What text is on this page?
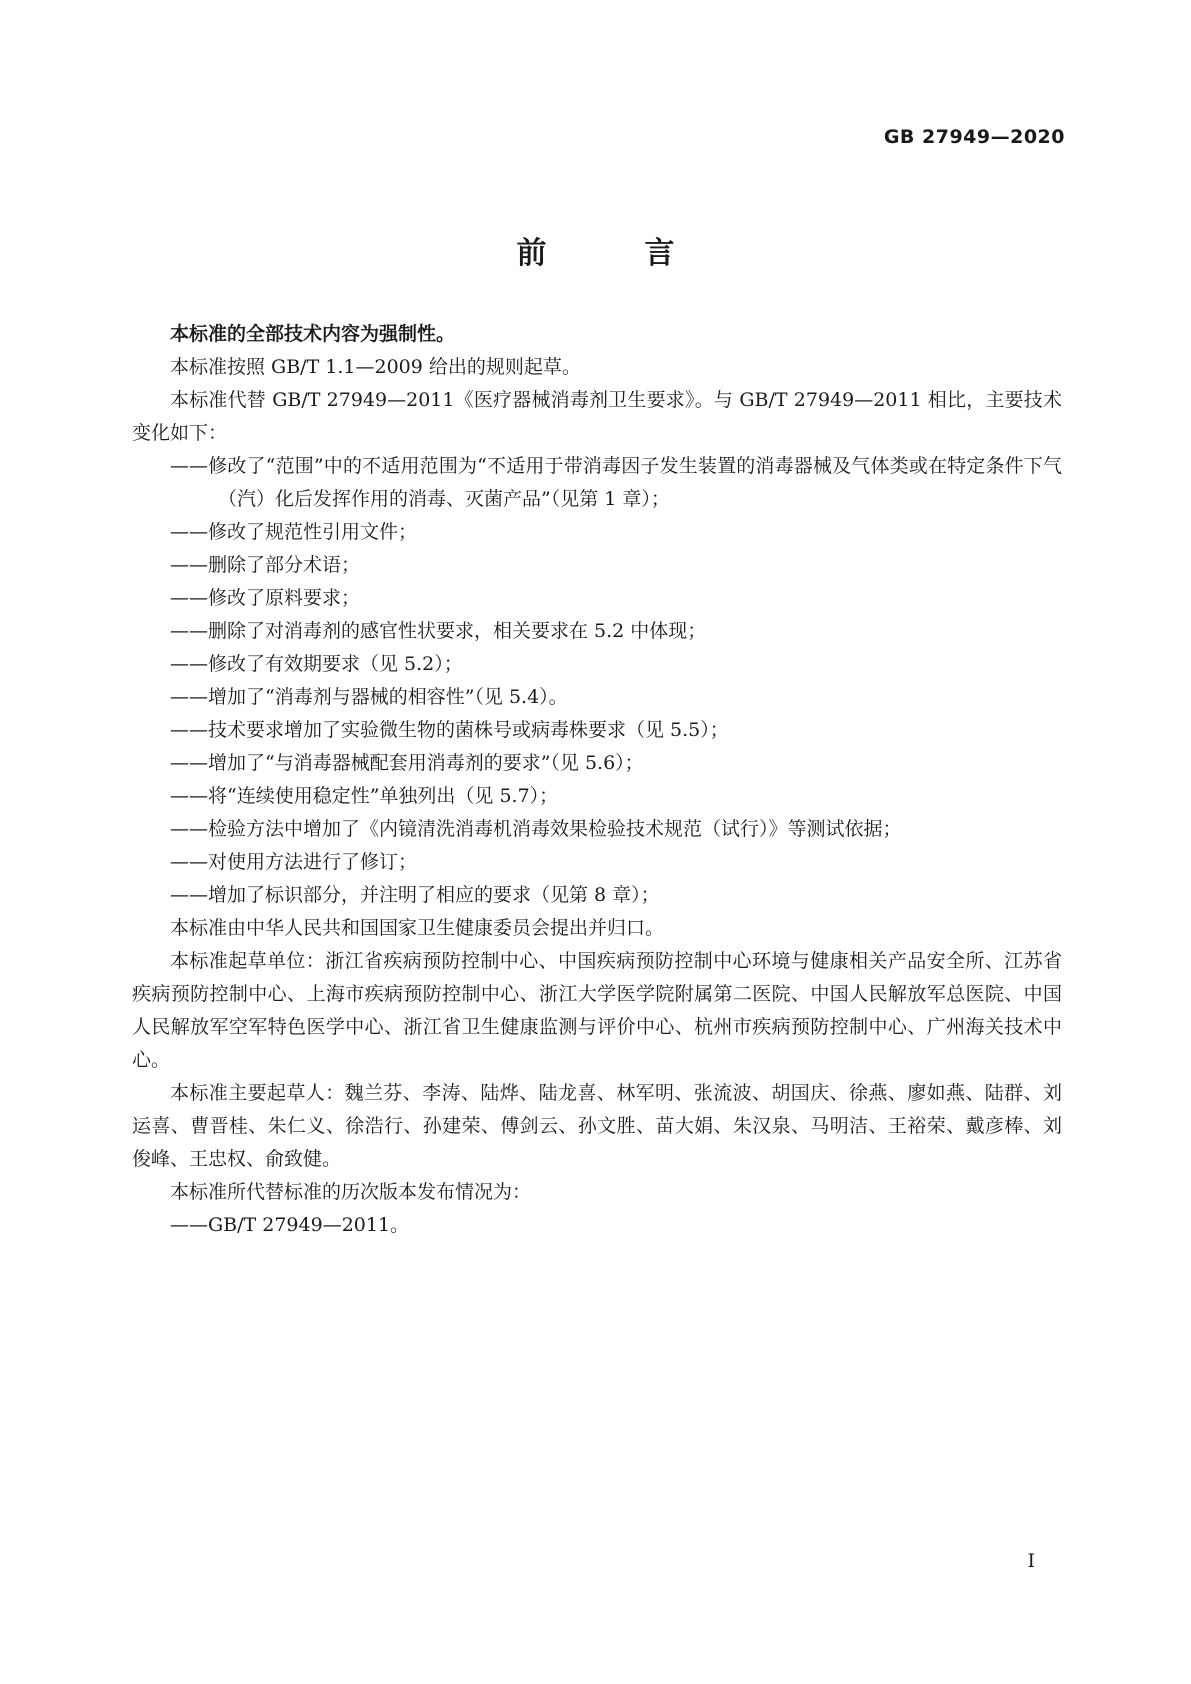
GB 27949—2020

前　言

本标准的全部技术内容为强制性。

本标准按照 GB/T 1.1—2009 给出的规则起草。

本标准代替 GB/T 27949—2011《医疗器械消毒剂卫生要求》。与 GB/T 27949—2011 相比，主要技术变化如下：

——修改了“范围”中的不适用范围为“不适用于带消毒因子发生装置的消毒器械及气体类或在特定条件下气（汽）化后发挥作用的消毒、灭菌产品”（见第 1 章）；

——修改了规范性引用文件；

——删除了部分术语；

——修改了原料要求；

——删除了对消毒剂的感官性状要求，相关要求在 5.2 中体现；

——修改了有效期要求（见 5.2）；

——增加了“消毒剂与器械的相容性”（见 5.4）。

——技术要求增加了实验微生物的菌株号或病毒株要求（见 5.5）；

——增加了“与消毒器械配套用消毒剂的要求”（见 5.6）；

——将“连续使用稳定性”单独列出（见 5.7）；

——检验方法中增加了《内镜清洗消毒机消毒效果检验技术规范（试行）》等测试依据；

——对使用方法进行了修订；

——增加了标识部分，并注明了相应的要求（见第 8 章）；

本标准由中华人民共和国国家卫生健康委员会提出并归口。

本标准起草单位：浙江省疾病预防控制中心、中国疾病预防控制中心环境与健康相关产品安全所、江苏省疾病预防控制中心、上海市疾病预防控制中心、浙江大学医学院附属第二医院、中国人民解放军总医院、中国人民解放军空军特色医学中心、浙江省卫生健康监测与评价中心、杭州市疾病预防控制中心、广州海关技术中心。

本标准主要起草人：魏兰芬、李涛、陆烨、陆龙喜、林军明、张流波、胡国庆、徐燕、廖如燕、陆群、刘运喜、曹晋桂、朱仁义、徐浩行、孙建荣、傅剑云、孙文胜、苗大娟、朱汉泉、马明洁、王裕荣、戴彦棒、刘俊峰、王忠权、俞致健。

本标准所代替标准的历次版本发布情况为：

——GB/T 27949—2011。

I
